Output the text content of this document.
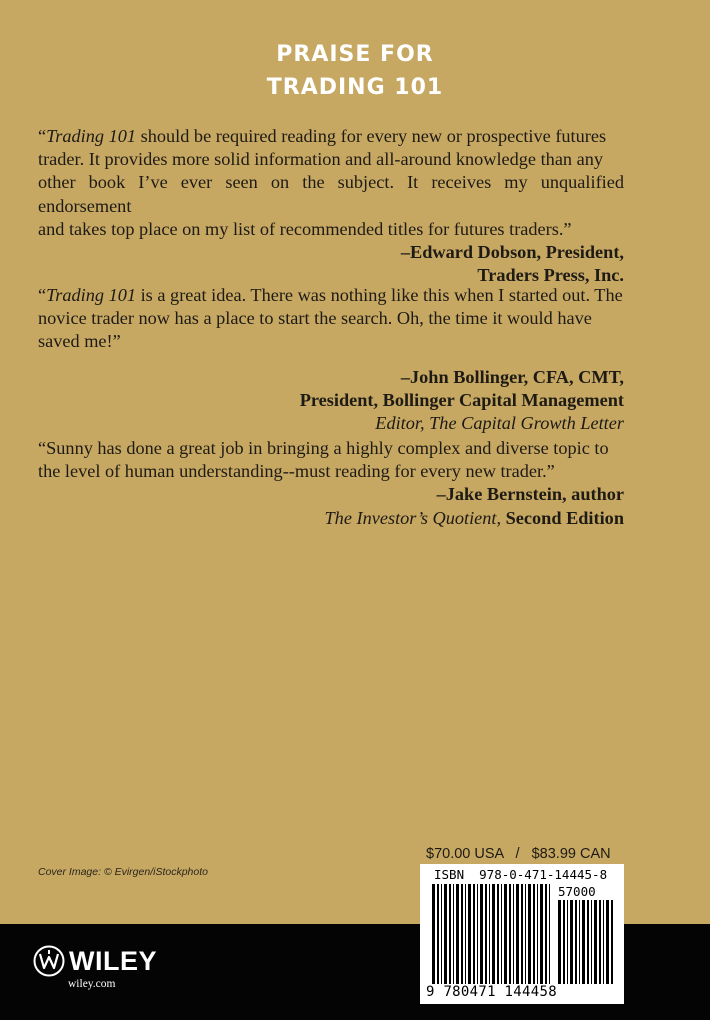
PRAISE FOR
TRADING 101

“Trading 101 should be required reading for every new or prospective futures

trader. It provides more solid information and all-around knowledge than any

other book I’ve ever seen on the subject. It receives my unqualified endorsement

and takes top place on my list of recommended titles for futures traders.”

–Edward Dobson, President,
Traders Press, Inc.

“Trading 101 is a great idea. There was nothing like this when I started out. The

novice trader now has a place to start the search. Oh, the time it would have

saved me!”

–John Bollinger, CFA, CMT,
President, Bollinger Capital Management
Editor, The Capital Growth Letter

“Sunny has done a great job in bringing a highly complex and diverse topic to

the level of human understanding--must reading for every new trader.”

–Jake Bernstein, author
The Investor’s Quotient, Second Edition
Cover Image: © Evirgen/iStockphoto
$70.00 USA   /   $83.99 CAN
WILEY
wiley.com
ISBN  978-0-471-14445-8
57000
9 780471 144458
